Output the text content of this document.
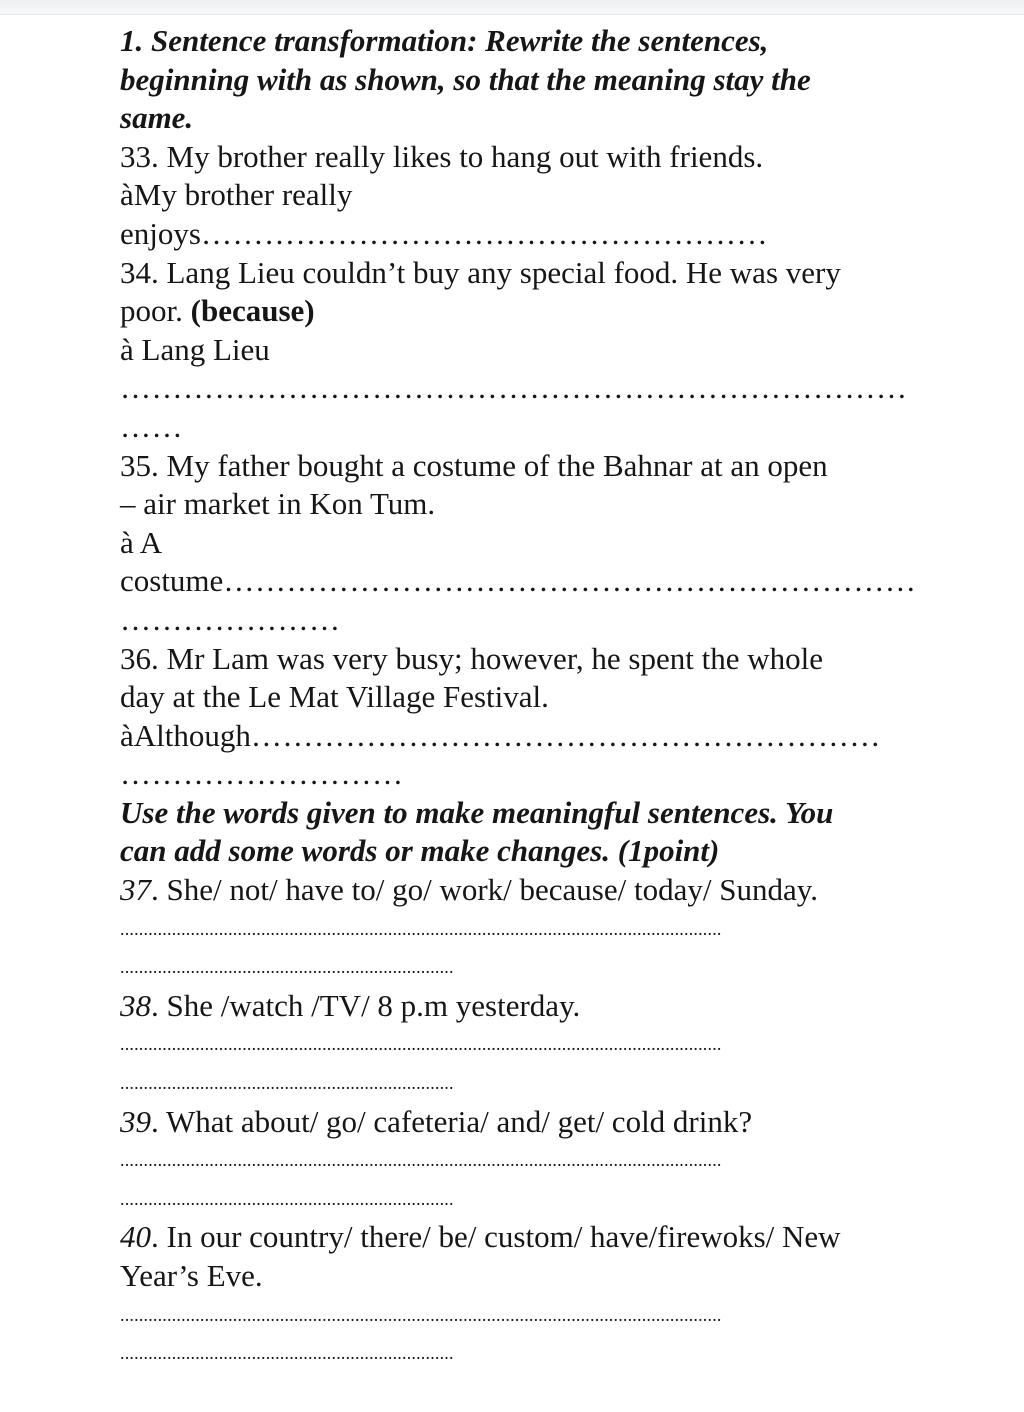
1. Sentence transformation: Rewrite the sentences,

beginning with as shown, so that the meaning stay the

same.

33. My brother really likes to hang out with friends.

àMy brother really

enjoys………………………………………………

34. Lang Lieu couldn’t buy any special food. He was very

poor. (because)

à Lang Lieu

…………………………………………………………………

……

35. My father bought a costume of the Bahnar at an open

– air market in Kon Tum.

à A

costume…………………………………………………………

…………………

36. Mr Lam was very busy; however, he spent the whole

day at the Le Mat Village Festival.

àAlthough……………………………………………………

………………………

Use the words given to make meaningful sentences. You

can add some words or make changes. (1point)

37. She/ not/ have to/ go/ work/ because/ today/ Sunday.

................................................................................................................................

.......................................................................

38. She /watch /TV/ 8 p.m yesterday.

................................................................................................................................

.......................................................................

39. What about/ go/ cafeteria/ and/ get/ cold drink?

................................................................................................................................

.......................................................................

40. In our country/ there/ be/ custom/ have/firewoks/ New

Year’s Eve.

................................................................................................................................

.......................................................................
